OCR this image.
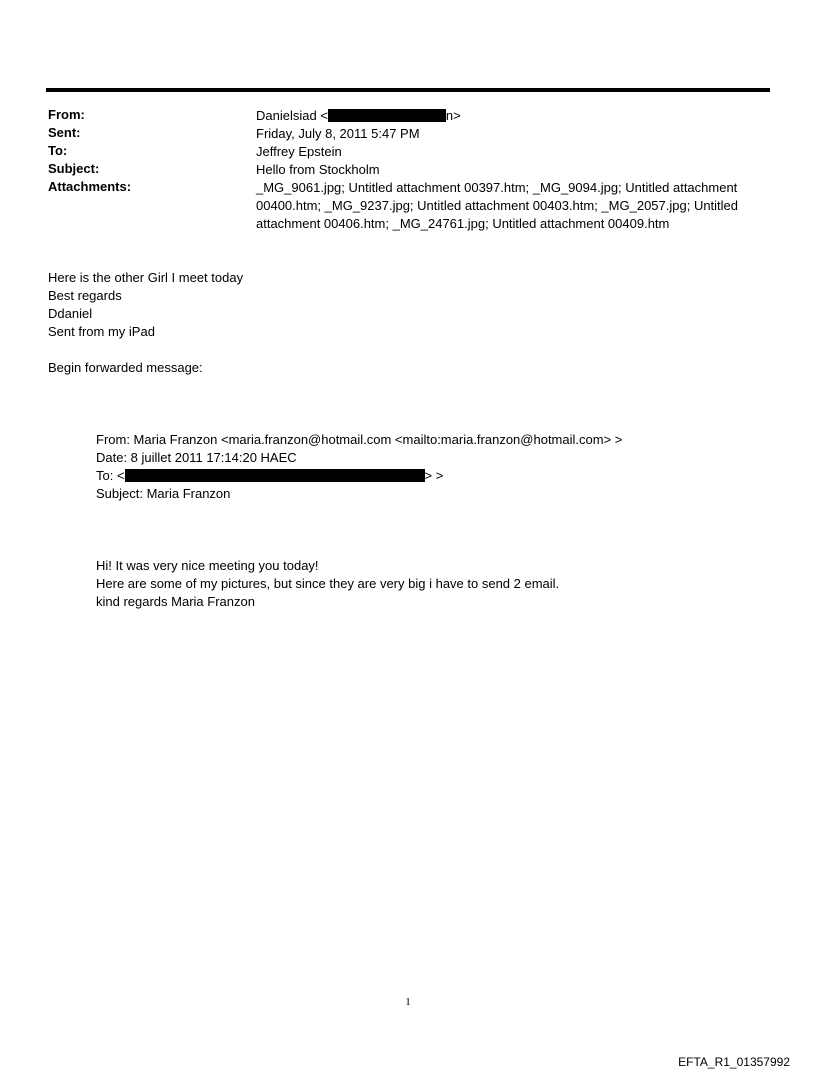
From:	Danielsiad <	n>
Sent:	Friday, July 8, 2011 5:47 PM
To:	Jeffrey Epstein
Subject:	Hello from Stockholm
Attachments:	_MG_9061.jpg; Untitled attachment 00397.htm; _MG_9094.jpg; Untitled attachment
00400.htm; _MG_9237.jpg; Untitled attachment 00403.htm; _MG_2057.jpg; Untitled
attachment 00406.htm; _MG_24761.jpg; Untitled attachment 00409.htm
Here is the other Girl I meet today
Best regards
Ddaniel
Sent from my iPad
Begin forwarded message:
From: Maria Franzon <maria.franzon@hotmail.com <mailto:maria.franzon@hotmail.com> >
Date: 8 juillet 2011 17:14:20 HAEC
To: <	> >
Subject: Maria Franzon
Hi! It was very nice meeting you today!
Here are some of my pictures, but since they are very big i have to send 2 email.
kind regards Maria Franzon
1
EFTA_R1_01357992
